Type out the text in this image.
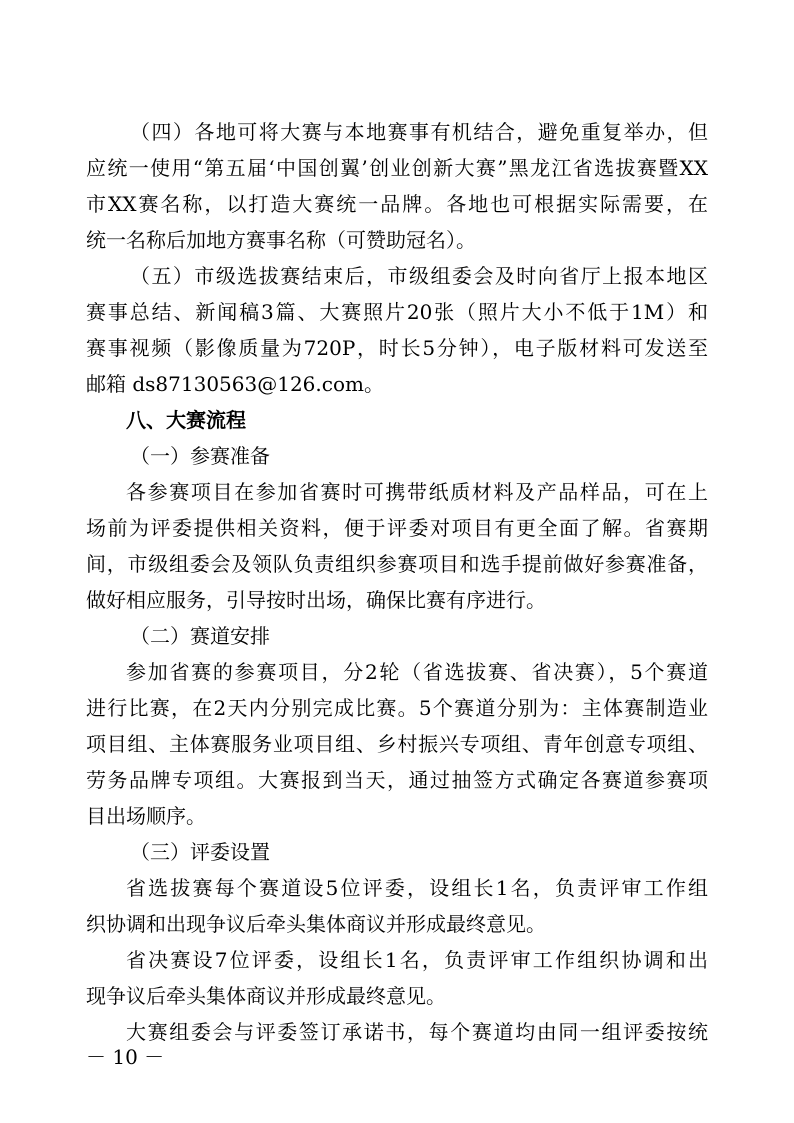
（四）各地可将大赛与本地赛事有机结合，避免重复举办，但
应统一使用“第五届‘中国创翼’创业创新大赛”黑龙江省选拔赛暨XX
市XX赛名称，以打造大赛统一品牌。各地也可根据实际需要，在
统一名称后加地方赛事名称（可赞助冠名）。
（五）市级选拔赛结束后，市级组委会及时向省厅上报本地区
赛事总结、新闻稿3篇、大赛照片20张（照片大小不低于1M）和
赛事视频（影像质量为720P，时长5分钟），电子版材料可发送至
邮箱 ds87130563@126.com。
八、大赛流程
（一）参赛准备
各参赛项目在参加省赛时可携带纸质材料及产品样品，可在上
场前为评委提供相关资料，便于评委对项目有更全面了解。省赛期
间，市级组委会及领队负责组织参赛项目和选手提前做好参赛准备，
做好相应服务，引导按时出场，确保比赛有序进行。
（二）赛道安排
参加省赛的参赛项目，分2轮（省选拔赛、省决赛），5个赛道
进行比赛，在2天内分别完成比赛。5个赛道分别为：主体赛制造业
项目组、主体赛服务业项目组、乡村振兴专项组、青年创意专项组、
劳务品牌专项组。大赛报到当天，通过抽签方式确定各赛道参赛项
目出场顺序。
（三）评委设置
省选拔赛每个赛道设5位评委，设组长1名，负责评审工作组
织协调和出现争议后牵头集体商议并形成最终意见。
省决赛设7位评委，设组长1名，负责评审工作组织协调和出
现争议后牵头集体商议并形成最终意见。
大赛组委会与评委签订承诺书，每个赛道均由同一组评委按统
－ 10 －
